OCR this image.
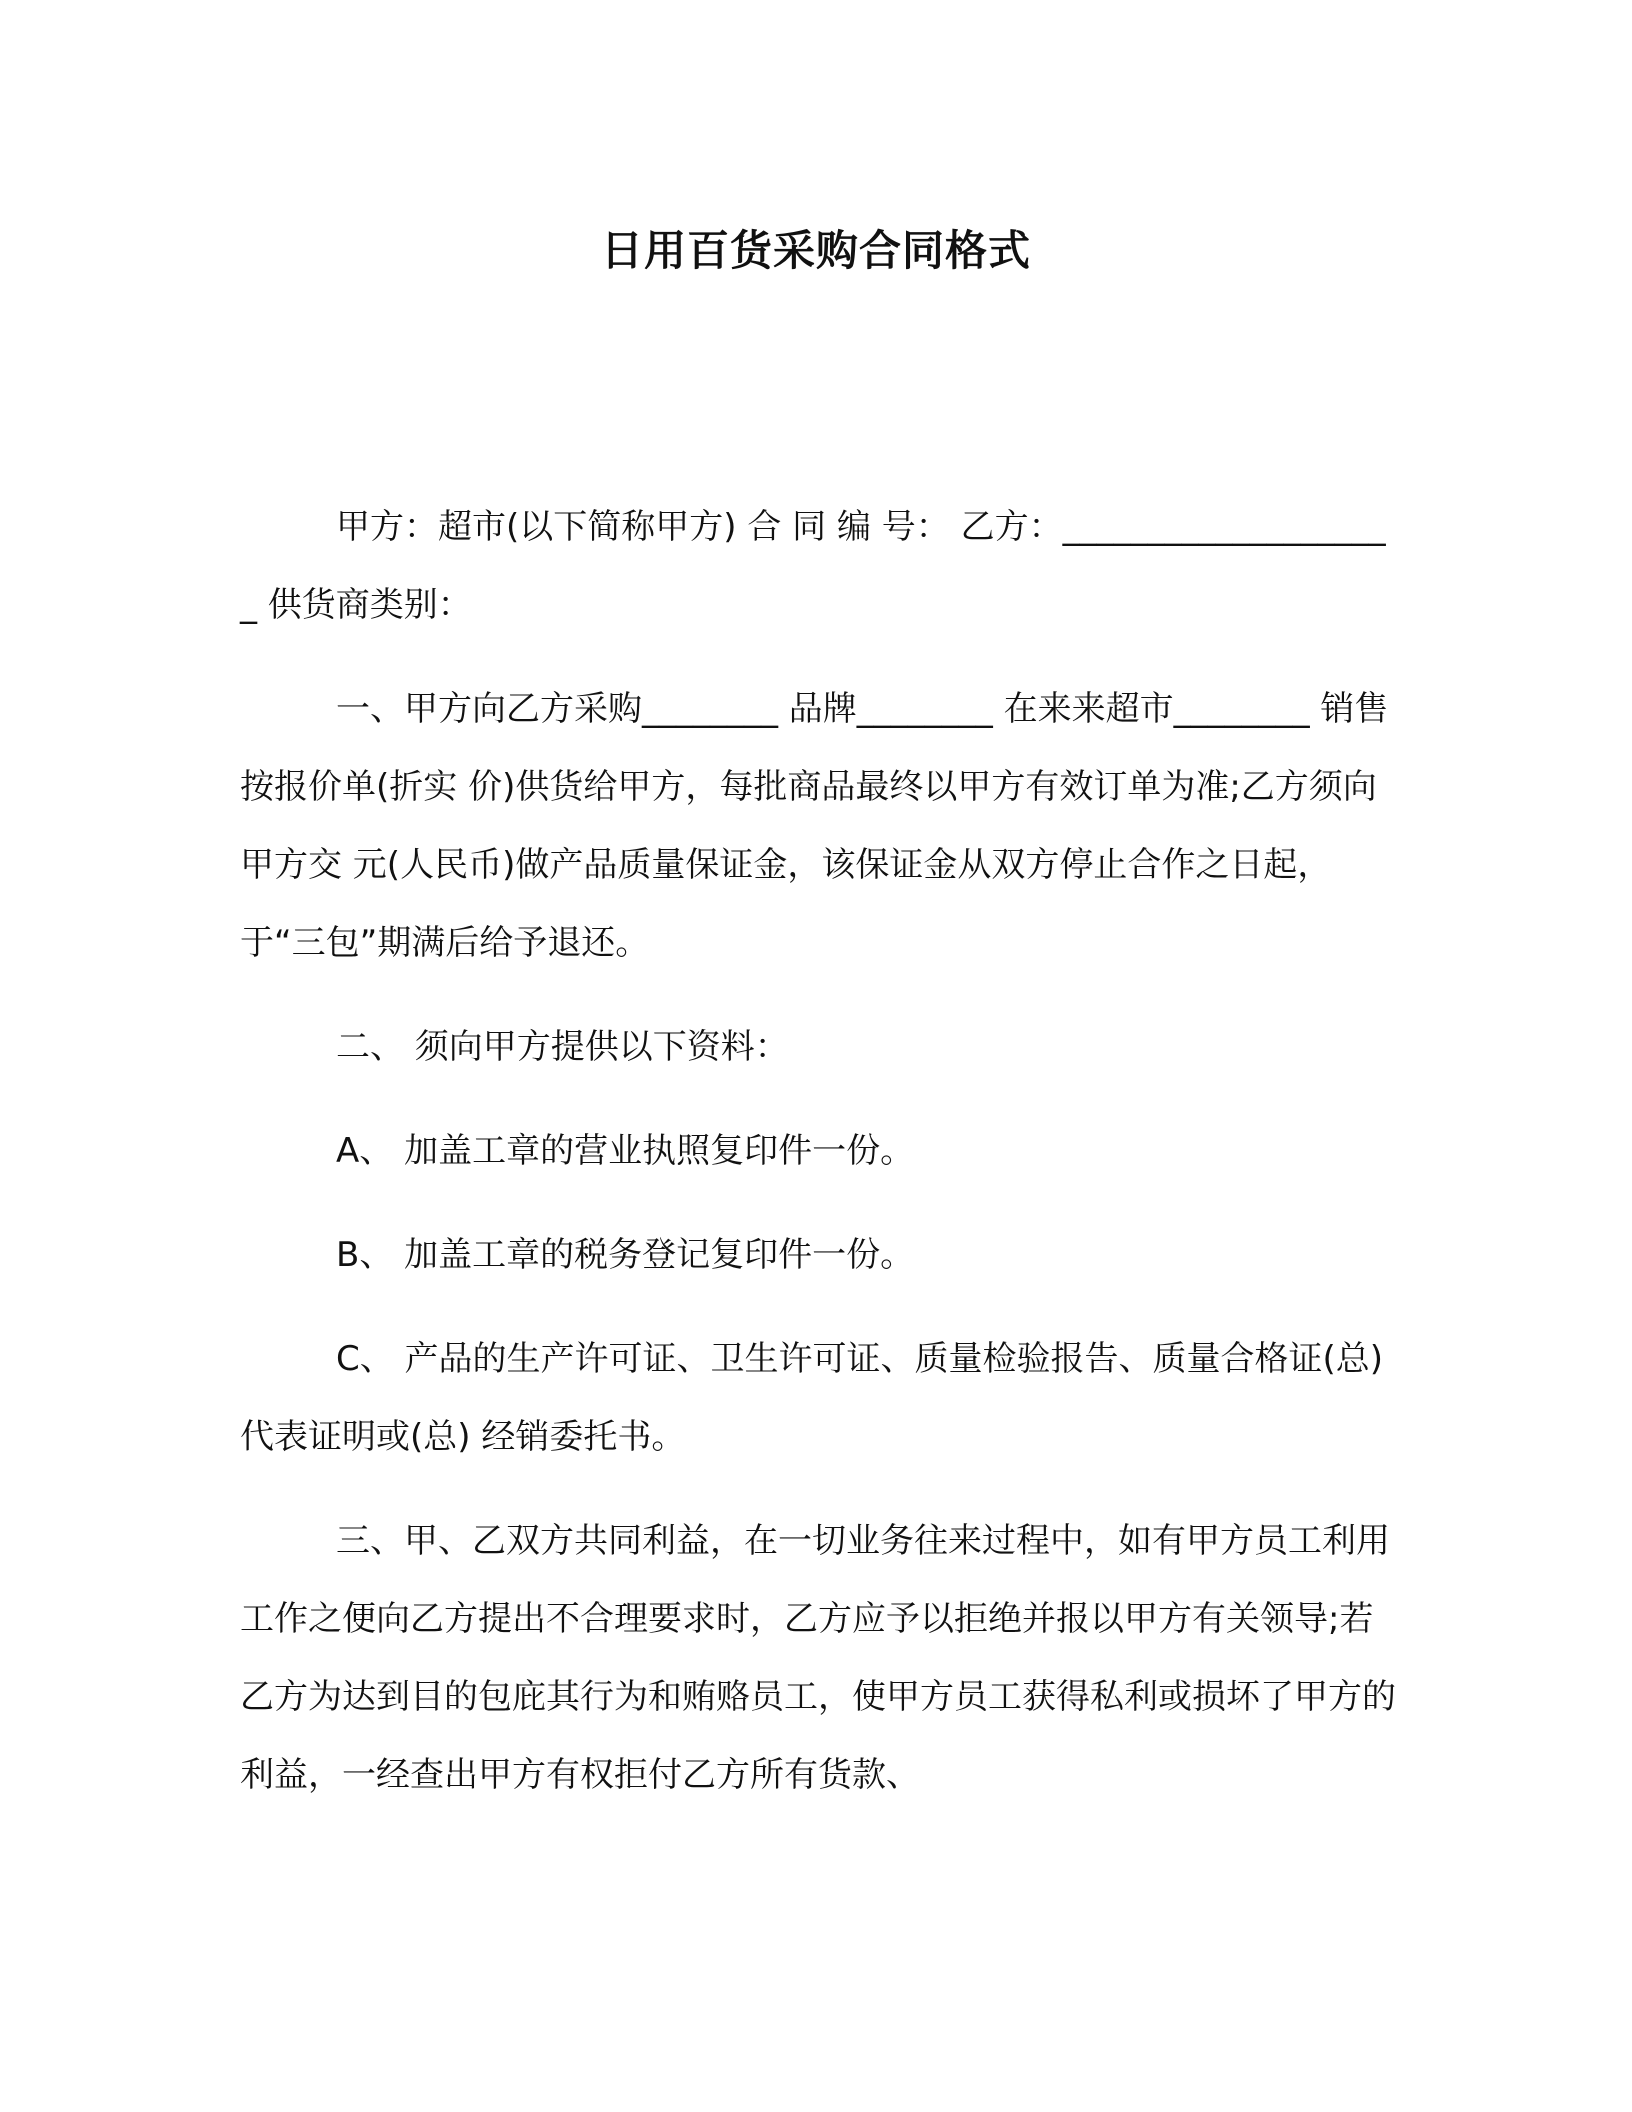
日用百货采购合同格式

甲方：超市(以下简称甲方) 合 同 编 号： 乙方：____________________ 供货商类别：

一、甲方向乙方采购________ 品牌________ 在来来超市________ 销售按报价单(折实 价)供货给甲方，每批商品最终以甲方有效订单为准;乙方须向甲方交 元(人民币)做产品质量保证金，该保证金从双方停止合作之日起，于“三包”期满后给予退还。

二、 须向甲方提供以下资料：

A、 加盖工章的营业执照复印件一份。

B、 加盖工章的税务登记复印件一份。

C、 产品的生产许可证、卫生许可证、质量检验报告、质量合格证(总)代表证明或(总) 经销委托书。

三、甲、乙双方共同利益，在一切业务往来过程中，如有甲方员工利用工作之便向乙方提出不合理要求时，乙方应予以拒绝并报以甲方有关领导;若乙方为达到目的包庇其行为和贿赂员工，使甲方员工获得私利或损坏了甲方的利益，一经查出甲方有权拒付乙方所有货款、
